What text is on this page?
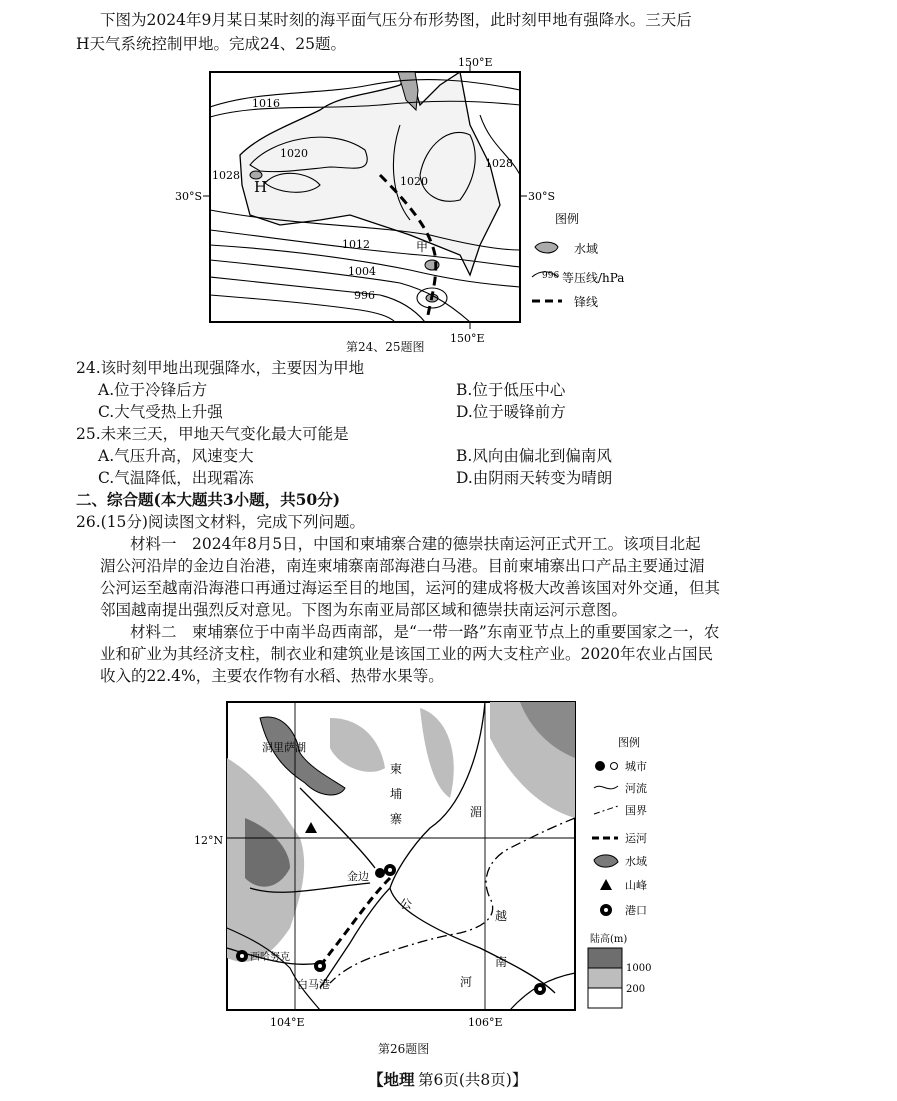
下图为2024年9月某日某时刻的海平面气压分布形势图，此时刻甲地有强降水。三天后
H天气系统控制甲地。完成24、25题。
150°E
150°E
30°S	30°S
H
甲
1016
1020
1020
1028
1028
1012
1004
996
图例
水域
996 等压线/hPa
锋线
第24、25题图
24.该时刻甲地出现强降水，主要因为甲地
A.位于冷锋后方	B.位于低压中心
C.大气受热上升强	D.位于暖锋前方
25.未来三天，甲地天气变化最大可能是
A.气压升高，风速变大	B.风向由偏北到偏南风
C.气温降低，出现霜冻	D.由阴雨天转变为晴朗
二、综合题(本大题共3小题，共50分)
26.(15分)阅读图文材料，完成下列问题。
材料一　2024年8月5日，中国和柬埔寨合建的德崇扶南运河正式开工。该项目北起
湄公河沿岸的金边自治港，南连柬埔寨南部海港白马港。目前柬埔寨出口产品主要通过湄
公河运至越南沿海港口再通过海运至目的地国，运河的建成将极大改善该国对外交通，但其
邻国越南提出强烈反对意见。下图为东南亚局部区域和德崇扶南运河示意图。
材料二　柬埔寨位于中南半岛西南部，是“一带一路”东南亚节点上的重要国家之一，农
业和矿业为其经济支柱，制衣业和建筑业是该国工业的两大支柱产业。2020年农业占国民
收入的22.4%，主要农作物有水稻、热带水果等。
洞里萨湖
柬
埔
寨	湄
公
河
越
南
金边
西哈努克
白马港
12°N
104°E	106°E
图例
城市
河流
国界
运河
水域
山峰
港口
陆高(m)
1000
200
第26题图
【地理 第6页(共8页)】
